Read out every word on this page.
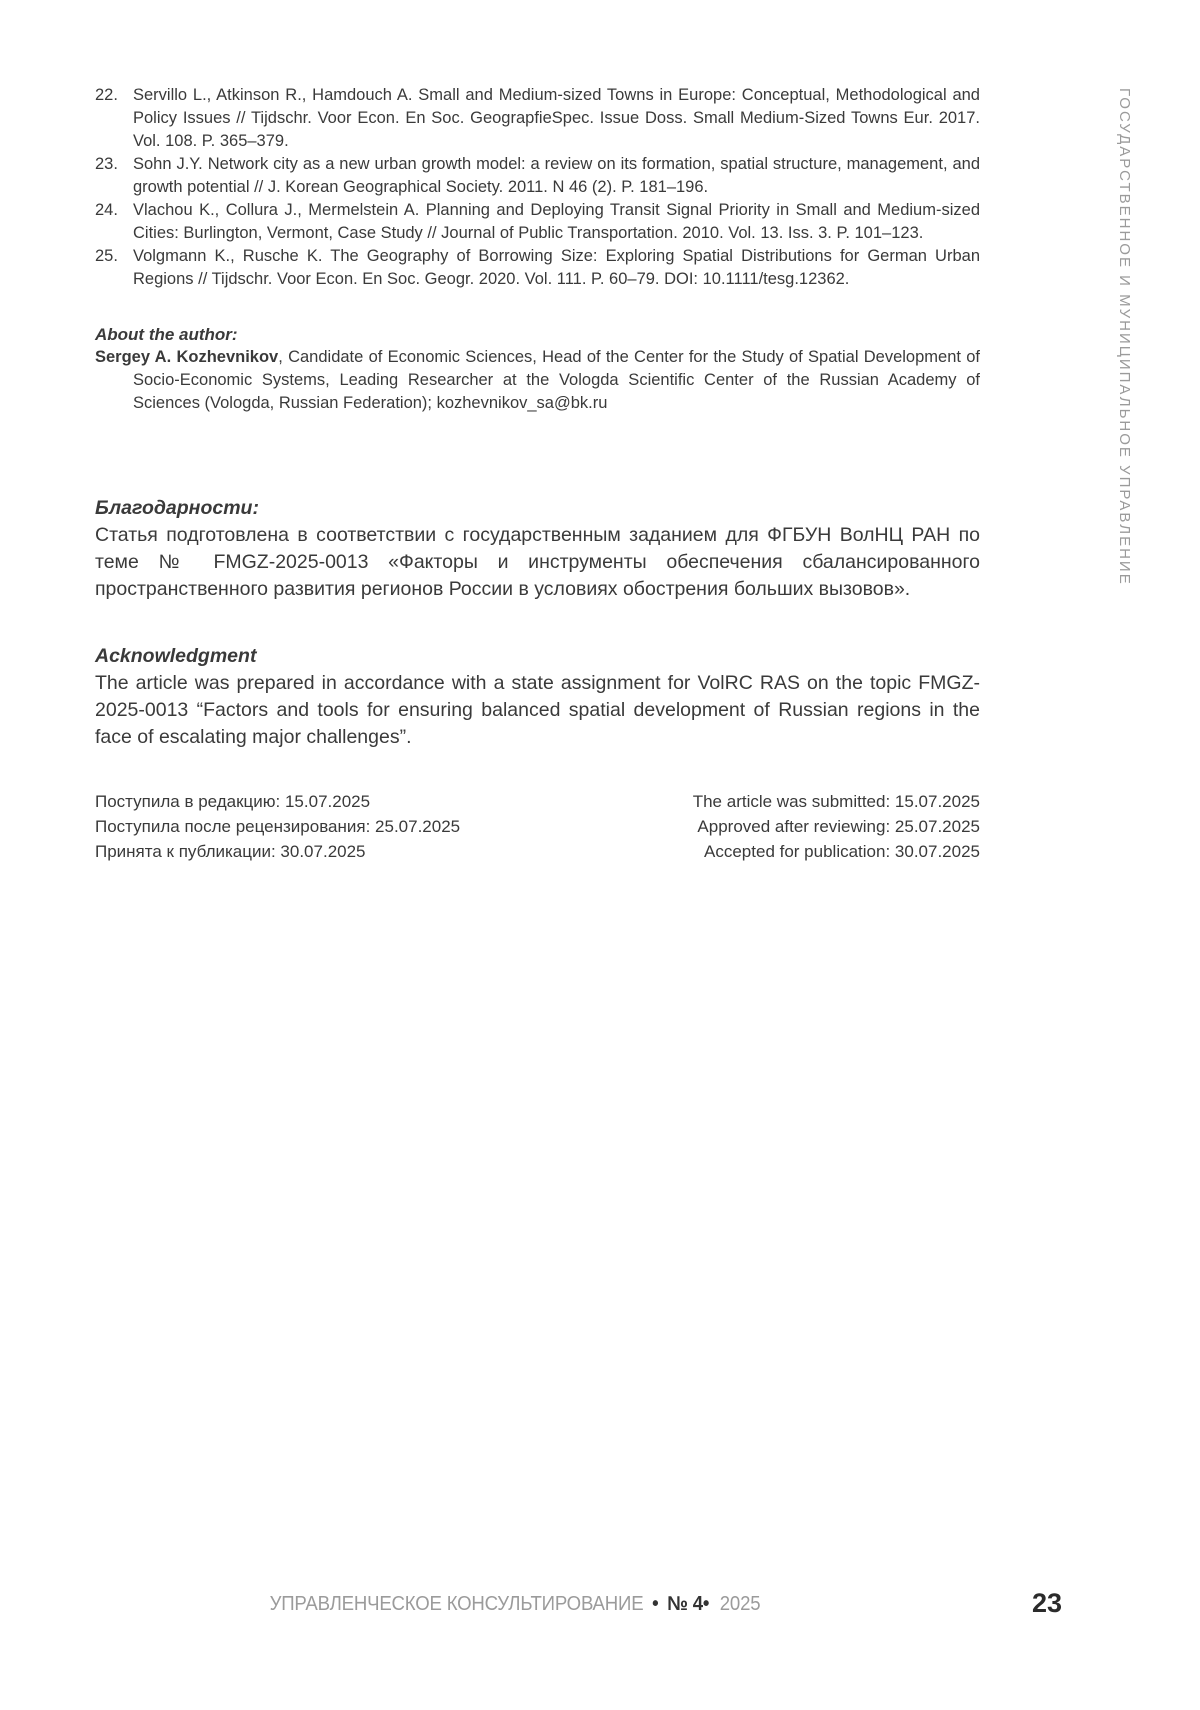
ГОСУДАРСТВЕННОЕ И МУНИЦИПАЛЬНОЕ УПРАВЛЕНИЕ
22. Servillo L., Atkinson R., Hamdouch A. Small and Medium-sized Towns in Europe: Conceptual, Methodological and Policy Issues // Tijdschr. Voor Econ. En Soc. GeograpfieSpec. Issue Doss. Small Medium-Sized Towns Eur. 2017. Vol. 108. P. 365–379.
23. Sohn J.Y. Network city as a new urban growth model: a review on its formation, spatial structure, management, and growth potential // J. Korean Geographical Society. 2011. N 46 (2). P. 181–196.
24. Vlachou K., Collura J., Mermelstein A. Planning and Deploying Transit Signal Priority in Small and Medium-sized Cities: Burlington, Vermont, Case Study // Journal of Public Transportation. 2010. Vol. 13. Iss. 3. P. 101–123.
25. Volgmann K., Rusche K. The Geography of Borrowing Size: Exploring Spatial Distributions for German Urban Regions // Tijdschr. Voor Econ. En Soc. Geogr. 2020. Vol. 111. P. 60–79. DOI: 10.1111/tesg.12362.

About the author:

Sergey A. Kozhevnikov, Candidate of Economic Sciences, Head of the Center for the Study of Spatial Development of Socio-Economic Systems, Leading Researcher at the Vologda Scientific Center of the Russian Academy of Sciences (Vologda, Russian Federation); kozhevnikov_sa@bk.ru

Благодарности:

Статья подготовлена в соответствии с государственным заданием для ФГБУН ВолНЦ РАН по теме № FMGZ-2025-0013 «Факторы и инструменты обеспечения сбалансированного пространственного развития регионов России в условиях обострения больших вызовов».

Acknowledgment

The article was prepared in accordance with a state assignment for VolRC RAS on the topic FMGZ-2025-0013 “Factors and tools for ensuring balanced spatial development of Russian regions in the face of escalating major challenges”.

Поступила в редакцию: 15.07.2025
Поступила после рецензирования: 25.07.2025
Принята к публикации: 30.07.2025
The article was submitted: 15.07.2025
Approved after reviewing: 25.07.2025
Accepted for publication: 30.07.2025
УПРАВЛЕНЧЕСКОЕ КОНСУЛЬТИРОВАНИЕ • № 4• 2025	23
